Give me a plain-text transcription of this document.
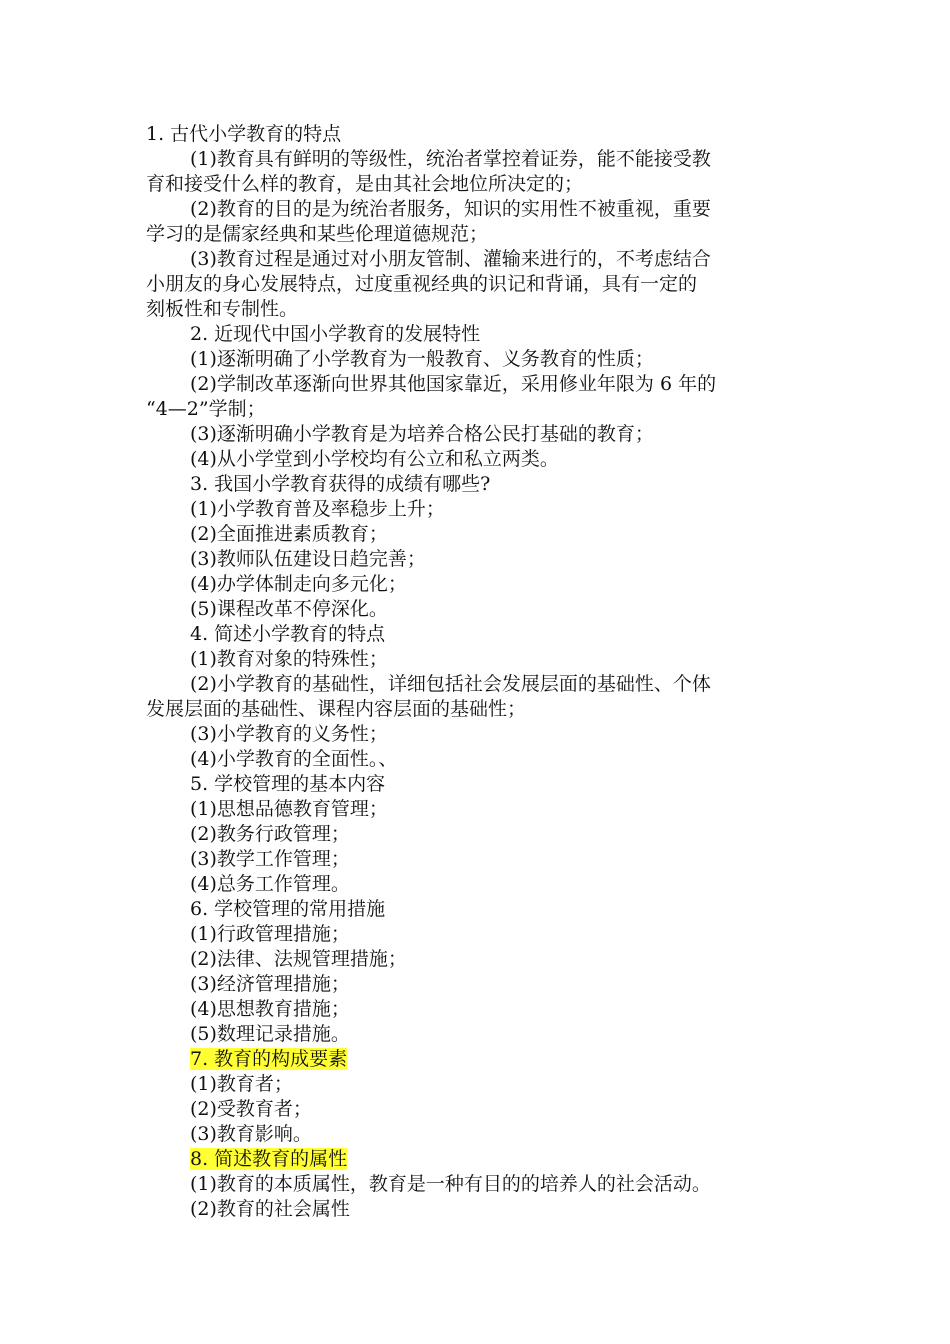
1. 古代小学教育的特点
(1)教育具有鲜明的等级性，统治者掌控着证券，能不能接受教
育和接受什么样的教育，是由其社会地位所决定的；
(2)教育的目的是为统治者服务，知识的实用性不被重视，重要
学习的是儒家经典和某些伦理道德规范；
(3)教育过程是通过对小朋友管制、灌输来进行的，不考虑结合
小朋友的身心发展特点，过度重视经典的识记和背诵，具有一定的
刻板性和专制性。
2. 近现代中国小学教育的发展特性
(1)逐渐明确了小学教育为一般教育、义务教育的性质；
(2)学制改革逐渐向世界其他国家靠近，采用修业年限为 6 年的
“4—2”学制；
(3)逐渐明确小学教育是为培养合格公民打基础的教育；
(4)从小学堂到小学校均有公立和私立两类。
3. 我国小学教育获得的成绩有哪些?
(1)小学教育普及率稳步上升；
(2)全面推进素质教育；
(3)教师队伍建设日趋完善；
(4)办学体制走向多元化；
(5)课程改革不停深化。
4. 简述小学教育的特点
(1)教育对象的特殊性；
(2)小学教育的基础性，详细包括社会发展层面的基础性、个体
发展层面的基础性、课程内容层面的基础性；
(3)小学教育的义务性；
(4)小学教育的全面性。、
5. 学校管理的基本内容
(1)思想品德教育管理；
(2)教务行政管理；
(3)教学工作管理；
(4)总务工作管理。
6. 学校管理的常用措施
(1)行政管理措施；
(2)法律、法规管理措施；
(3)经济管理措施；
(4)思想教育措施；
(5)数理记录措施。
7. 教育的构成要素
(1)教育者；
(2)受教育者；
(3)教育影响。
8. 简述教育的属性
(1)教育的本质属性，教育是一种有目的的培养人的社会活动。
(2)教育的社会属性
